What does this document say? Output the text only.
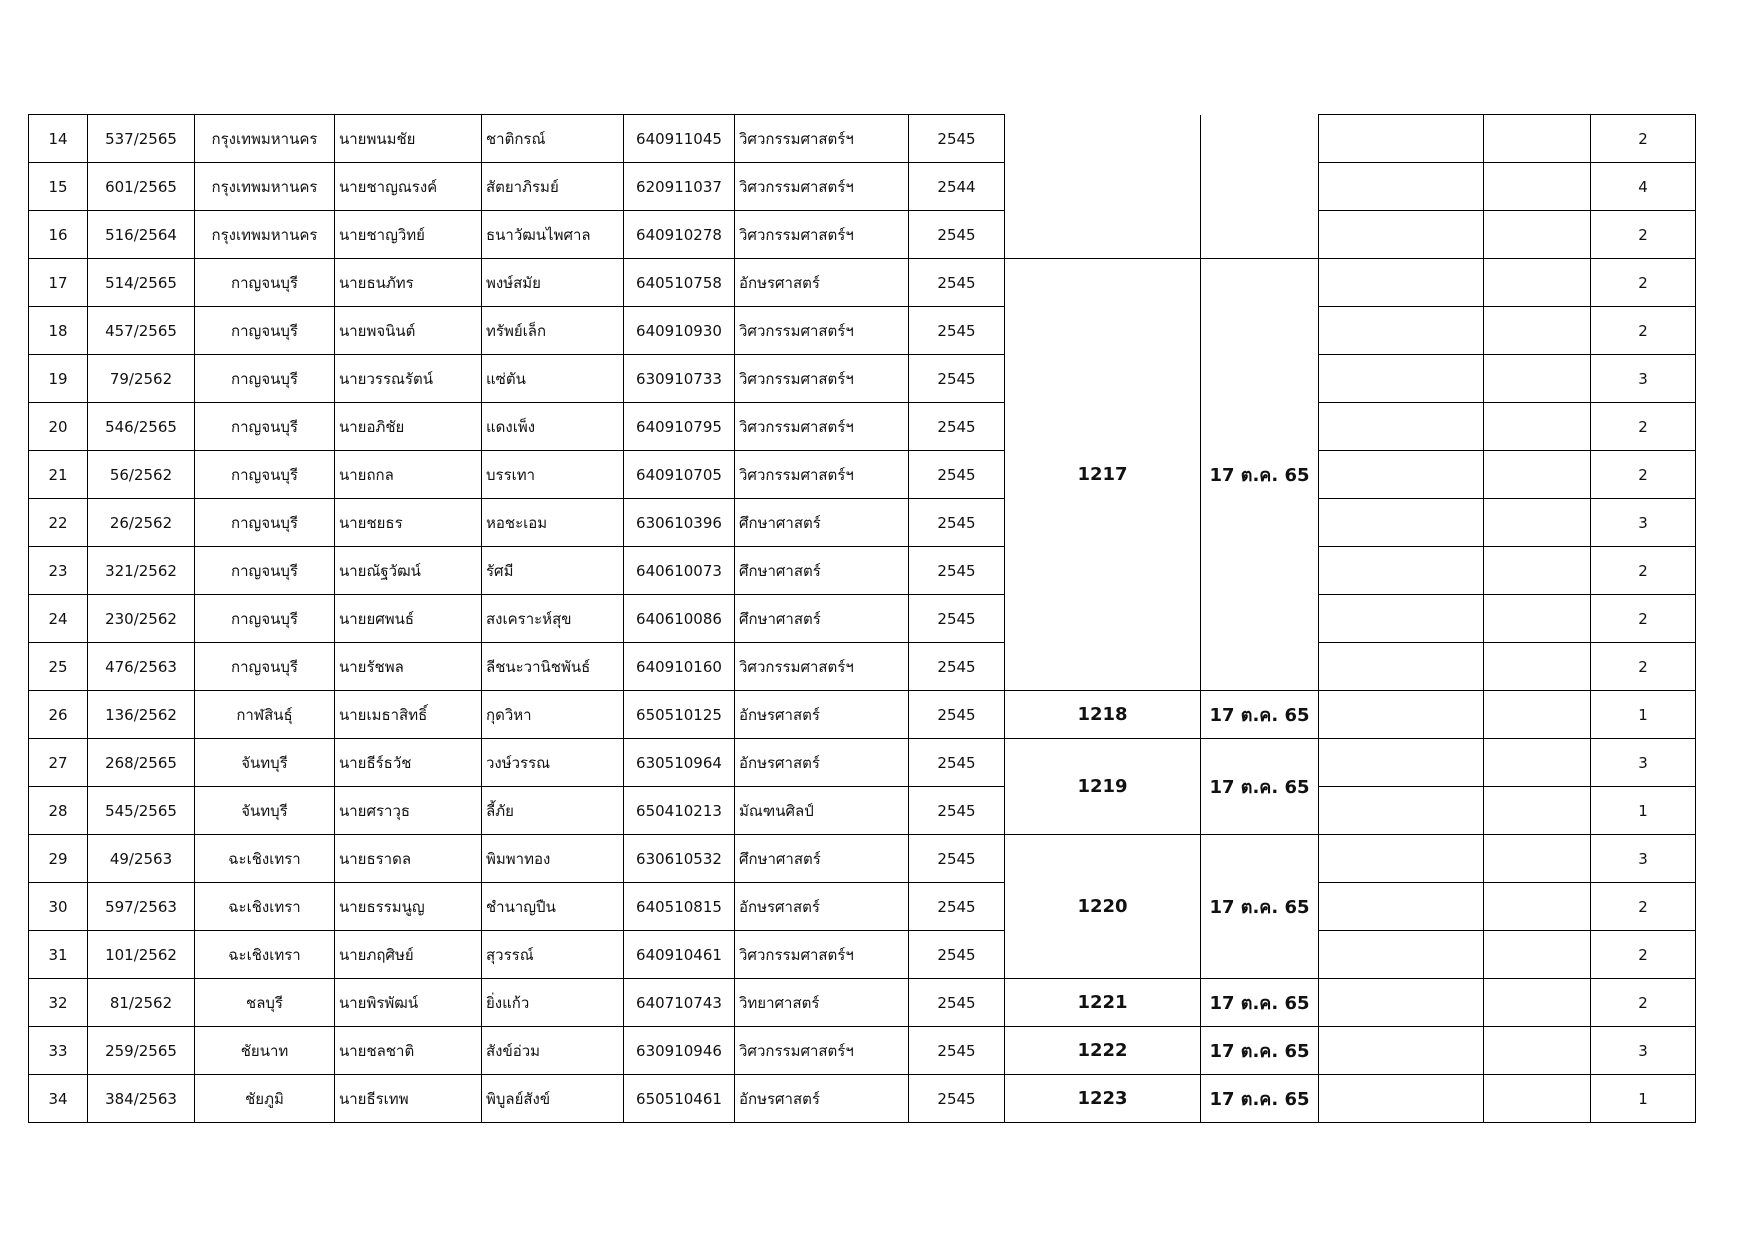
14	537/2565	กรุงเทพมหานคร	นายพนมชัย	ชาติกรณ์	640911045	วิศวกรรมศาสตร์ฯ	2545					2
15	601/2565	กรุงเทพมหานคร	นายชาญณรงค์	สัตยาภิรมย์	620911037	วิศวกรรมศาสตร์ฯ	2544					4
16	516/2564	กรุงเทพมหานคร	นายชาญวิทย์	ธนาวัฒนไพศาล	640910278	วิศวกรรมศาสตร์ฯ	2545					2
17	514/2565	กาญจนบุรี	นายธนภัทร	พงษ์สมัย	640510758	อักษรศาสตร์	2545	1217	17 ต.ค. 65			2
18	457/2565	กาญจนบุรี	นายพจนินต์	ทรัพย์เล็ก	640910930	วิศวกรรมศาสตร์ฯ	2545					2
19	79/2562	กาญจนบุรี	นายวรรณรัตน์	แซ่ตัน	630910733	วิศวกรรมศาสตร์ฯ	2545					3
20	546/2565	กาญจนบุรี	นายอภิชัย	แดงเพ็ง	640910795	วิศวกรรมศาสตร์ฯ	2545					2
21	56/2562	กาญจนบุรี	นายถกล	บรรเทา	640910705	วิศวกรรมศาสตร์ฯ	2545					2
22	26/2562	กาญจนบุรี	นายชยธร	หอชะเอม	630610396	ศึกษาศาสตร์	2545					3
23	321/2562	กาญจนบุรี	นายณัฐวัฒน์	รัศมี	640610073	ศึกษาศาสตร์	2545					2
24	230/2562	กาญจนบุรี	นายยศพนธ์	สงเคราะห์สุข	640610086	ศึกษาศาสตร์	2545					2
25	476/2563	กาญจนบุรี	นายรัชพล	ลีชนะวานิชพันธ์	640910160	วิศวกรรมศาสตร์ฯ	2545					2
26	136/2562	กาฬสินธุ์	นายเมธาสิทธิ์	กุดวิหา	650510125	อักษรศาสตร์	2545	1218	17 ต.ค. 65			1
27	268/2565	จันทบุรี	นายธีร์ธวัช	วงษ์วรรณ	630510964	อักษรศาสตร์	2545	1219	17 ต.ค. 65			3
28	545/2565	จันทบุรี	นายศราวุธ	ลี้ภัย	650410213	มัณฑนศิลป์	2545					1
29	49/2563	ฉะเชิงเทรา	นายธราดล	พิมพาทอง	630610532	ศึกษาศาสตร์	2545	1220	17 ต.ค. 65			3
30	597/2563	ฉะเชิงเทรา	นายธรรมนูญ	ชำนาญปืน	640510815	อักษรศาสตร์	2545					2
31	101/2562	ฉะเชิงเทรา	นายภฤศิษย์	สุวรรณ์	640910461	วิศวกรรมศาสตร์ฯ	2545					2
32	81/2562	ชลบุรี	นายพิรพัฒน์	ยิ่งแก้ว	640710743	วิทยาศาสตร์	2545	1221	17 ต.ค. 65			2
33	259/2565	ชัยนาท	นายชลชาติ	สังข์อ่วม	630910946	วิศวกรรมศาสตร์ฯ	2545	1222	17 ต.ค. 65			3
34	384/2563	ชัยภูมิ	นายธีรเทพ	พิบูลย์สังข์	650510461	อักษรศาสตร์	2545	1223	17 ต.ค. 65			1
